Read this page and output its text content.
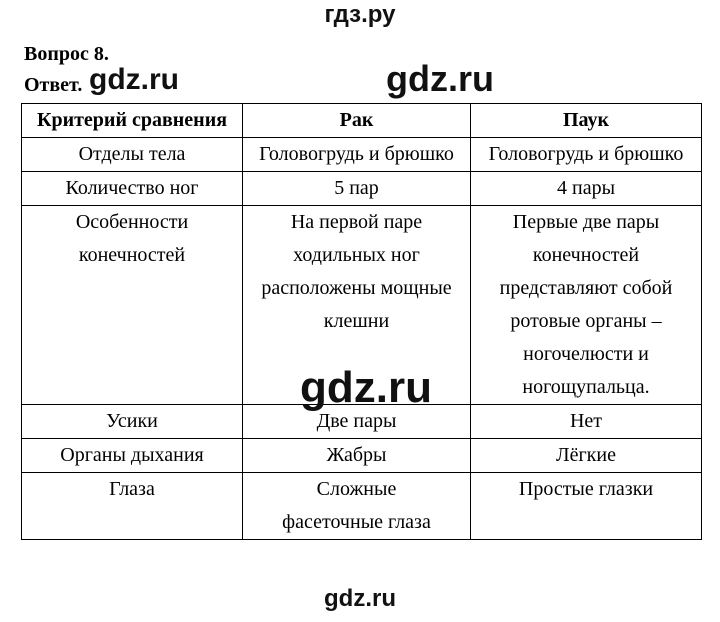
гдз.ру
Вопрос 8.
Ответ. gdz.ru	gdz.ru
Критерий сравнения	Рак	Паук
Отделы тела	Головогрудь и брюшко	Головогрудь и брюшко
Количество ног	5 пар	4 пары
Особенности конечностей	На первой паре ходильных ног расположены мощные клешни	Первые две пары конечностей представляют собой ротовые органы – ногочелюсти и ногощупальца.
Усики	Две пары	Нет
Органы дыхания	Жабры	Лёгкие
Глаза	Сложные фасеточные глаза	Простые глазки
gdz.ru
gdz.ru
